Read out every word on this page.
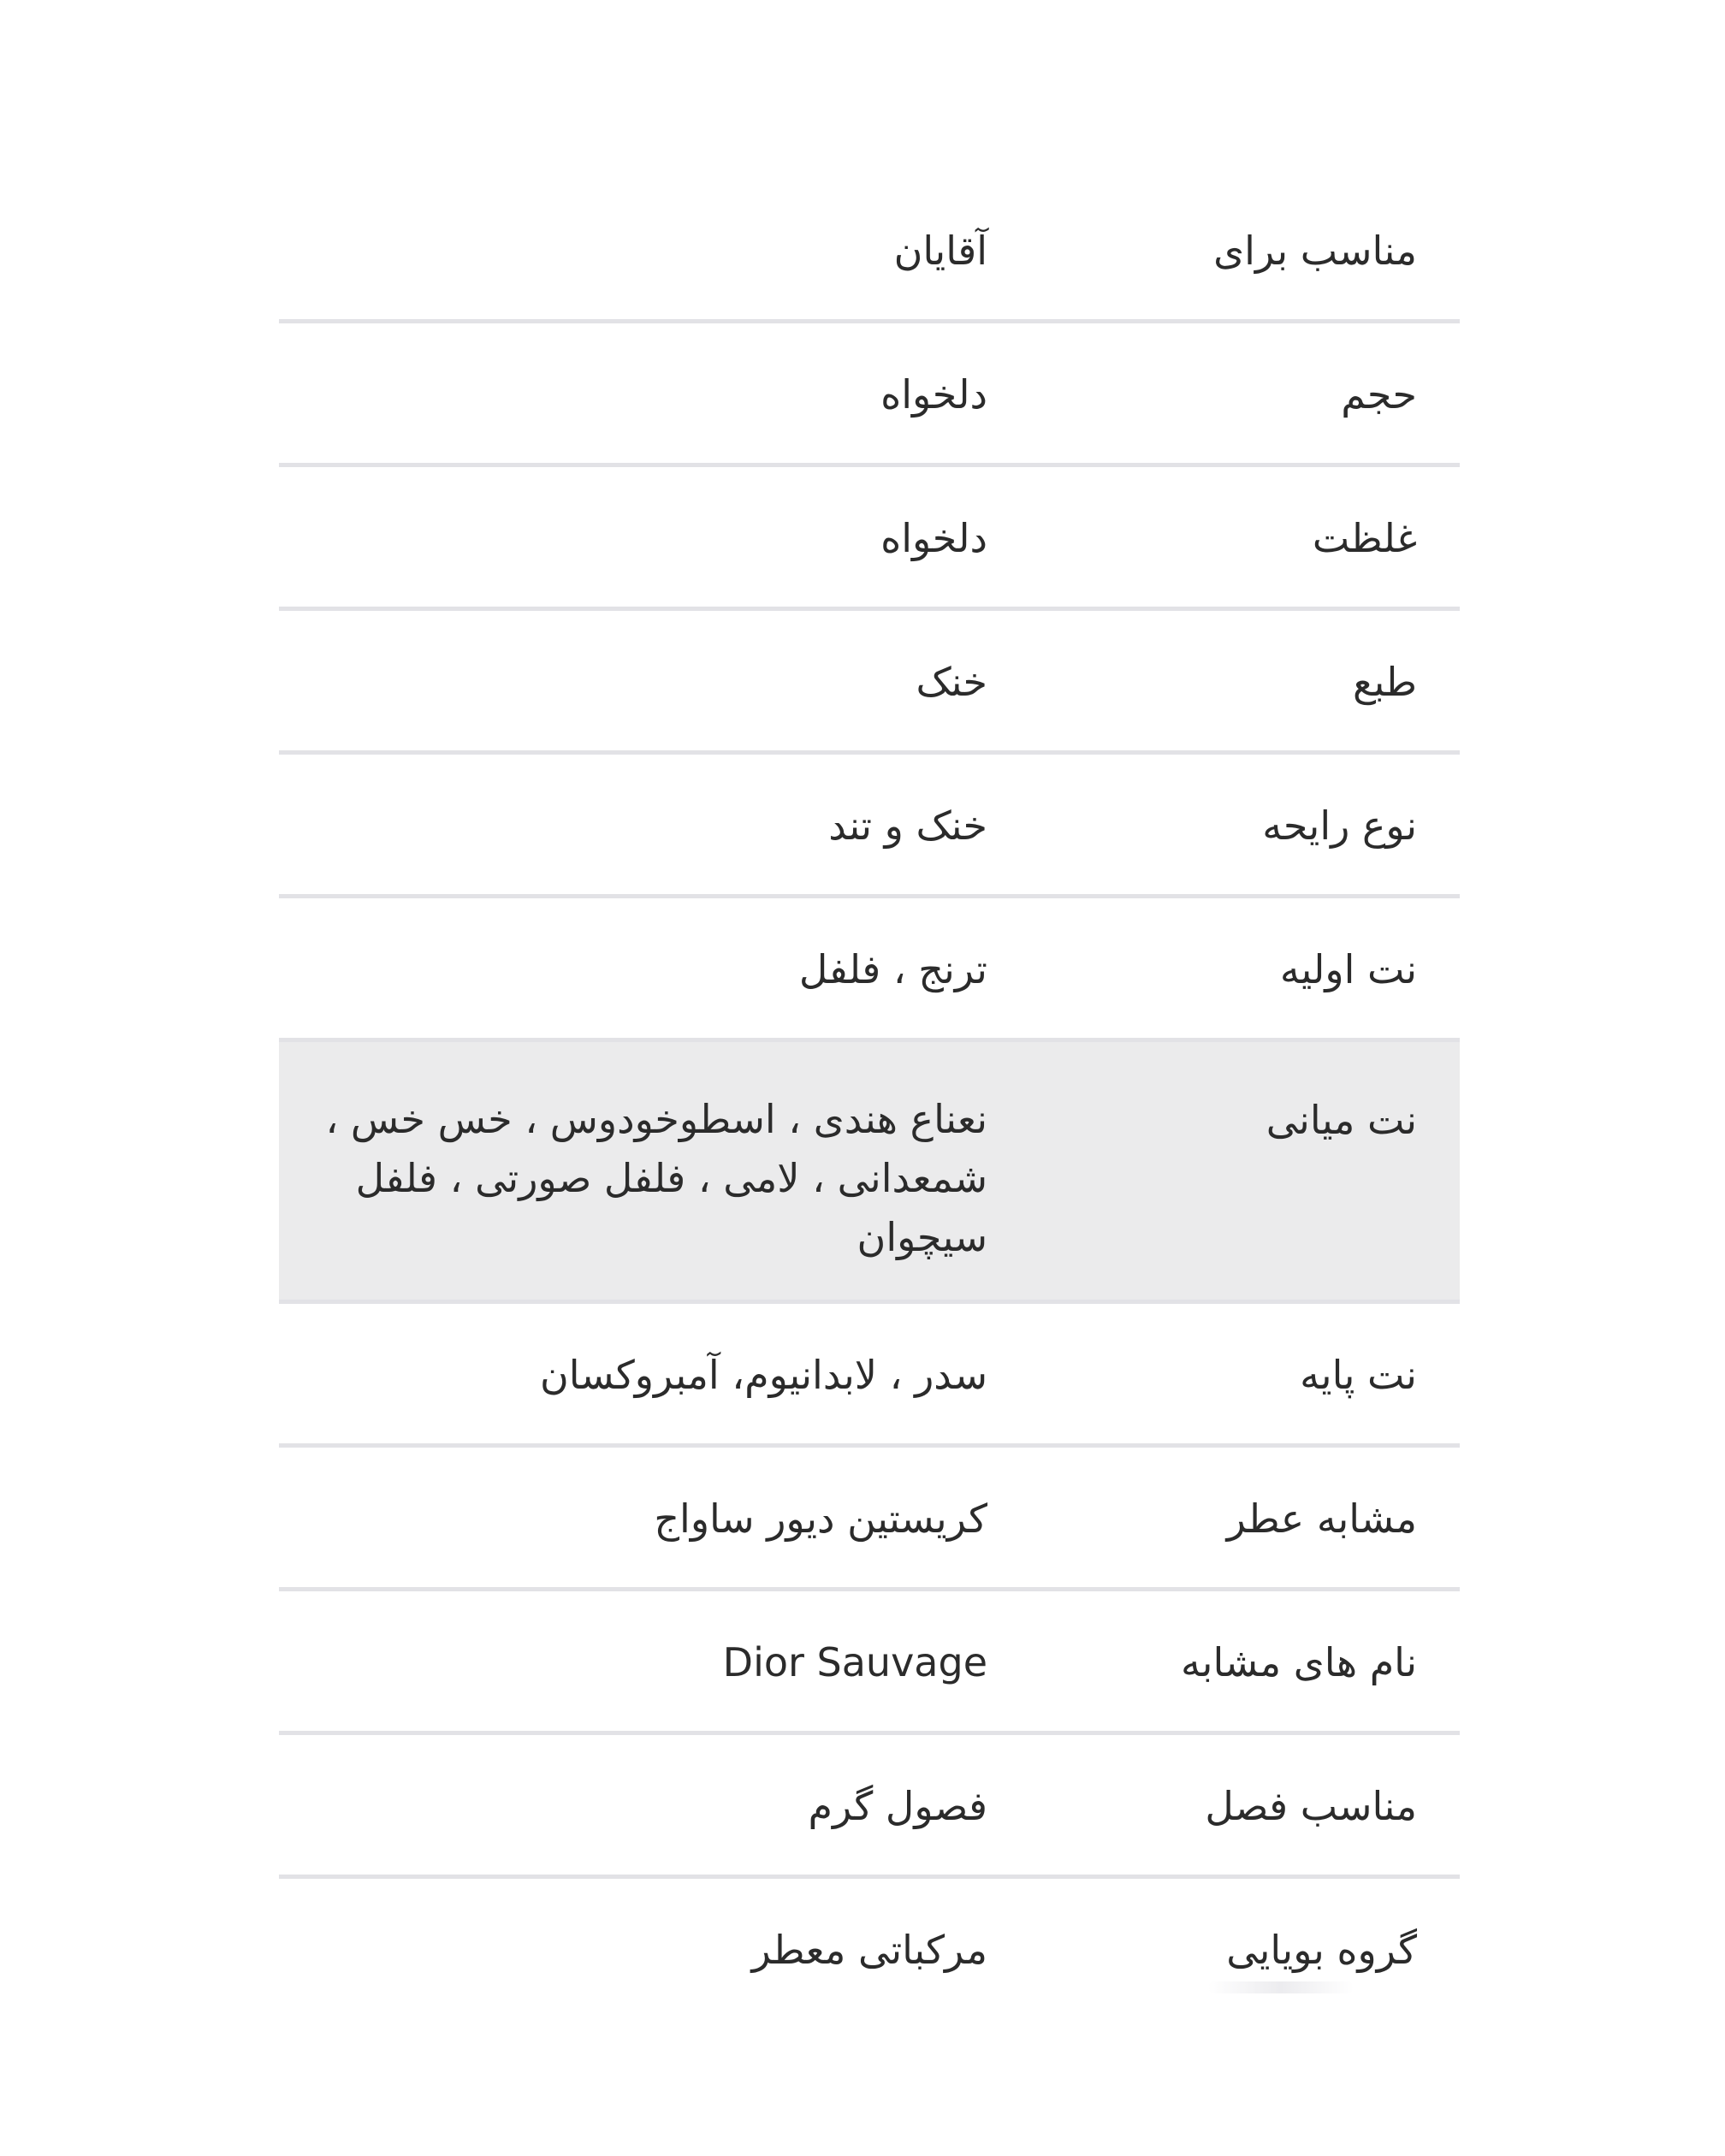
مناسب برای
آقایان
حجم
دلخواه
غلظت
دلخواه
طبع
خنک
نوع رایحه
خنک و تند
نت اولیه
ترنج ، فلفل
نت میانی
نعناع هندی ، اسطوخودوس ، خس خس ، شمعدانی ، لامی ، فلفل صورتی ، فلفل سیچوان
نت پایه
سدر ، لابدانیوم، آمبروکسان
مشابه عطر
کریستین دیور ساواج
نام های مشابه
Dior Sauvage
مناسب فصل
فصول گرم
گروه بویایی
مرکباتی معطر
